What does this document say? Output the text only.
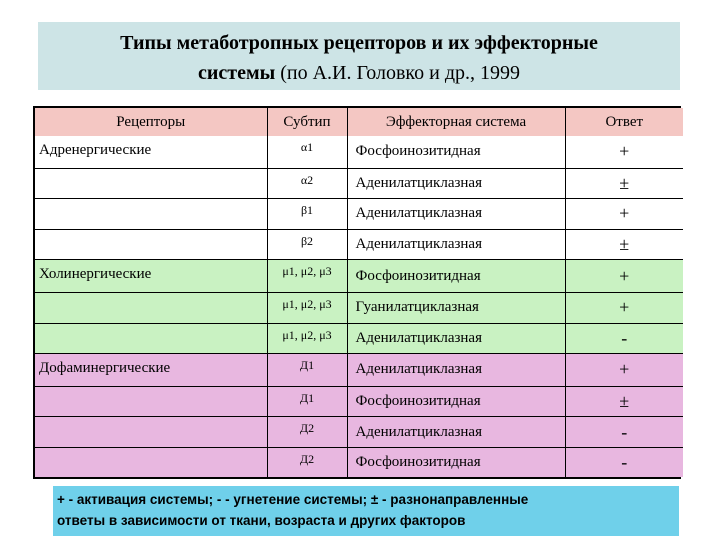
Типы метаботропных рецепторов и их эффекторные
системы (по А.И. Головко и др., 1999
Рецепторы	Субтип	Эффекторная система	Ответ
Адренергические	α1	Фосфоинозитидная	+
	α2	Аденилатциклазная	±
	β1	Аденилатциклазная	+
	β2	Аденилатциклазная	±
Холинергические	μ1, μ2, μ3	Фосфоинозитидная	+
	μ1, μ2, μ3	Гуанилатциклазная	+
	μ1, μ2, μ3	Аденилатциклазная	-
Дофаминергические	Д1	Аденилатциклазная	+
	Д1	Фосфоинозитидная	±
	Д2	Аденилатциклазная	-
	Д2	Фосфоинозитидная	-
+ - активация системы; - - угнетение системы; ± - разнонаправленные
ответы в зависимости от ткани, возраста и других факторов
